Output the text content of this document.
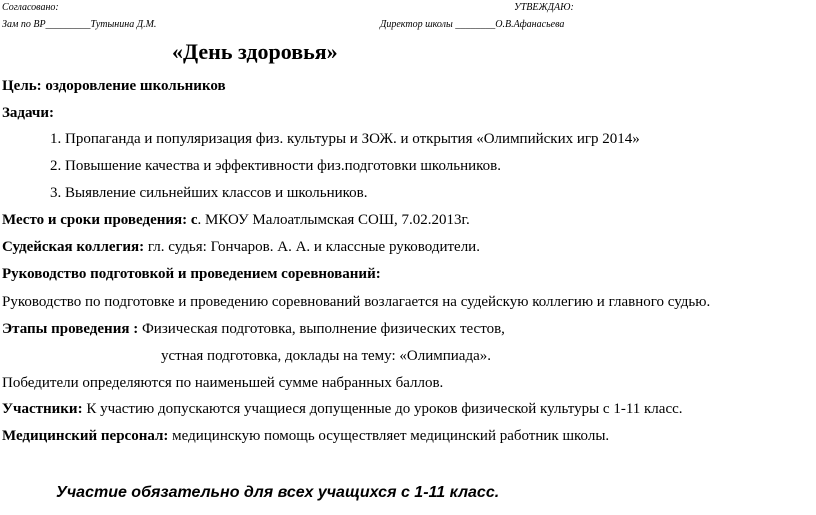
Согласовано:	УТВЕЖДАЮ:
Зам по ВР_________Тутынина Д.М.	Директор школы ________О.В.Афанасьева
«День здоровья»
Цель: оздоровление школьников
Задачи:
1. Пропаганда и популяризация физ. культуры и ЗОЖ. и открытия «Олимпийских игр 2014»
2. Повышение качества и эффективности физ.подготовки школьников.
3. Выявление сильнейших классов и школьников.
Место и сроки проведения: с. МКОУ Малоатлымская СОШ, 7.02.2013г.
Судейская коллегия: гл. судья: Гончаров. А. А. и классные руководители.
Руководство подготовкой и проведением соревнований:
Руководство по подготовке и проведению соревнований возлагается на судейскую коллегию и главного судью.
Этапы проведения : Физическая подготовка, выполнение физических тестов,
устная подготовка, доклады на тему: «Олимпиада».
Победители определяются по наименьшей сумме набранных баллов.
Участники: К участию допускаются учащиеся допущенные до уроков физической культуры с 1-11 класс.
Медицинский персонал: медицинскую помощь осуществляет медицинский работник школы.
Участие обязательно для всех учащихся с 1-11 класс.
